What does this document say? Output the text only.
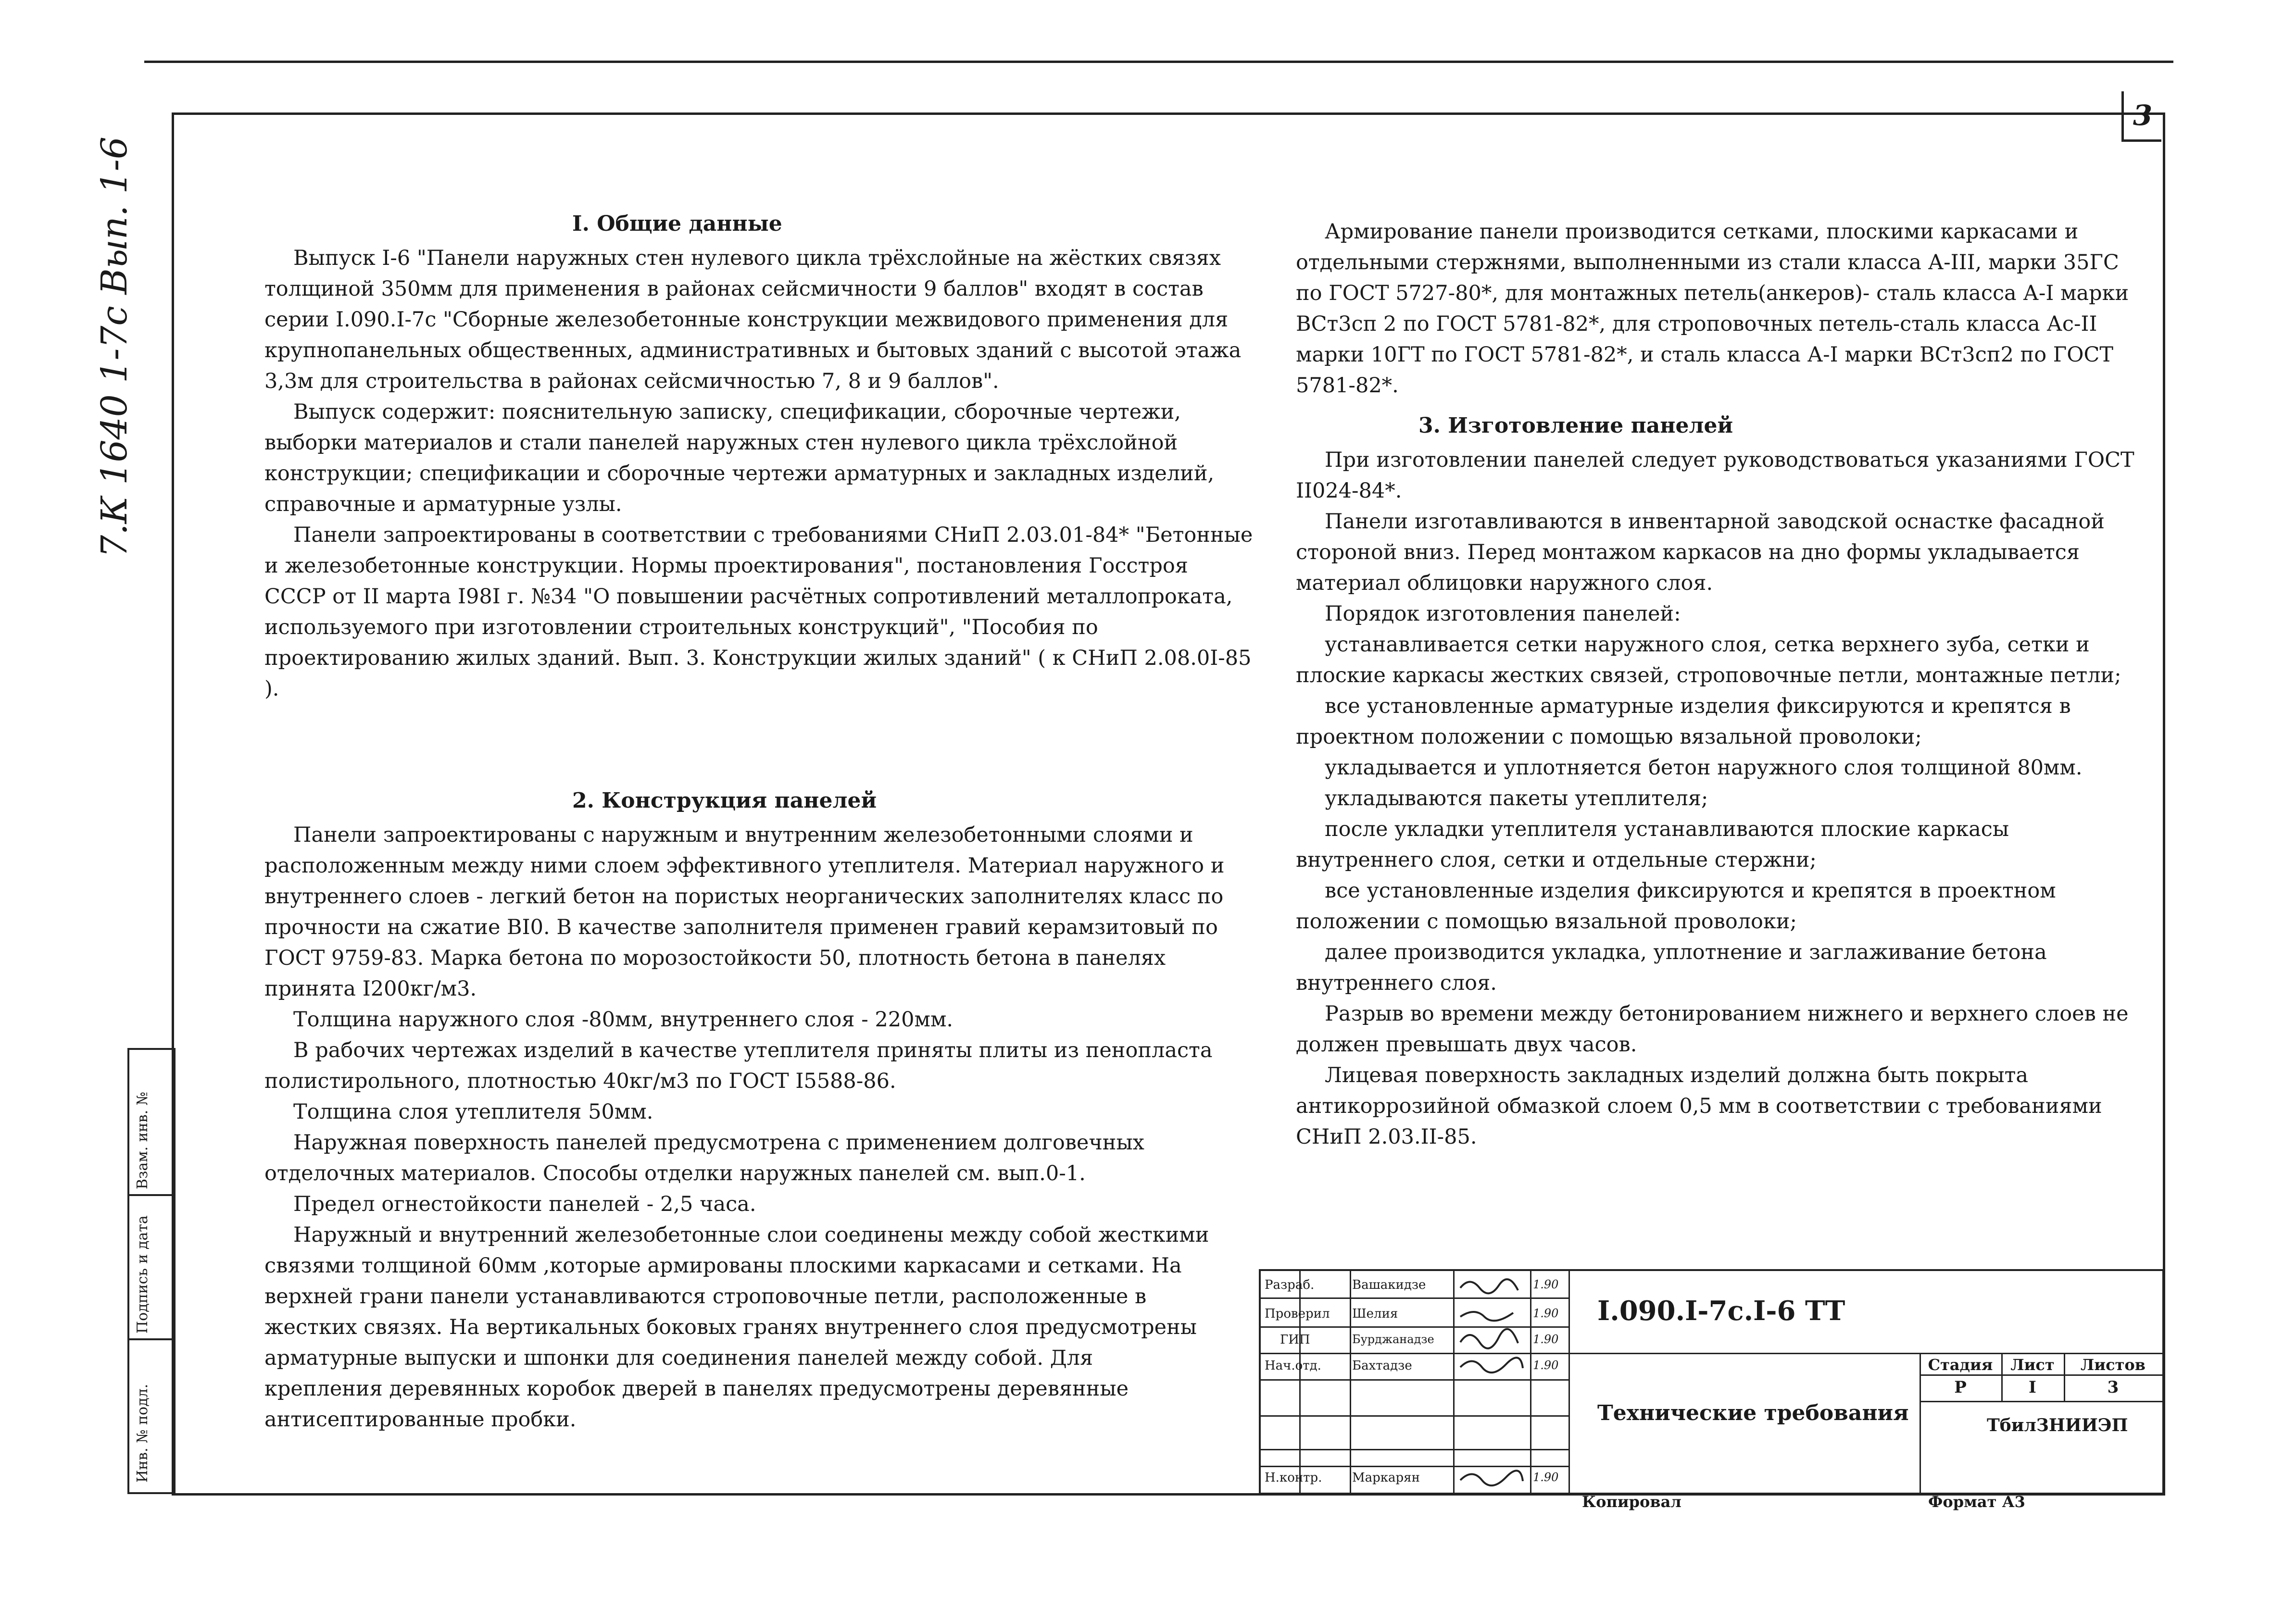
3
7.К 1640 1-7с Вып. 1-6
Инв. № подл.
Подпись и дата
Взам. инв. №
I. Общие данные

Выпуск I-6 "Панели наружных стен нулевого цикла трёхслойные на жёстких связях толщиной 350мм для применения в районах сейсмичности 9 баллов" входят в состав серии I.090.I-7с "Сборные железобетонные конструкции межвидового применения для крупнопанельных общественных, административных и бытовых зданий с высотой этажа 3,3м для строительства в районах сейсмичностью 7, 8 и 9 баллов".

Выпуск содержит: пояснительную записку, спецификации, сборочные чертежи, выборки материалов и стали панелей наружных стен нулевого цикла трёхслойной конструкции; спецификации и сборочные чертежи арматурных и закладных изделий, справочные и арматурные узлы.

Панели запроектированы в соответствии с требованиями СНиП 2.03.01-84* "Бетонные и железобетонные конструкции. Нормы проектирования", постановления Госстроя СССР от II марта I98I г. №34 "О повышении расчётных сопротивлений металлопроката, используемого при изготовлении строительных конструкций", "Пособия по проектированию жилых зданий. Вып. 3. Конструкции жилых зданий" ( к СНиП 2.08.0I-85 ).

2. Конструкция панелей

Панели запроектированы с наружным и внутренним железобетонными слоями и расположенным между ними слоем эффективного утеплителя. Материал наружного и внутреннего слоев - легкий бетон на пористых неорганических заполнителях класс по прочности на сжатие BI0. В качестве заполнителя применен гравий керамзитовый по ГОСТ 9759-83. Марка бетона по морозостойкости 50, плотность бетона в панелях принята I200кг/м3.

Толщина наружного слоя -80мм, внутреннего слоя - 220мм.

В рабочих чертежах изделий в качестве утеплителя приняты плиты из пенопласта полистирольного, плотностью 40кг/м3 по ГОСТ I5588-86.

Толщина слоя утеплителя 50мм.

Наружная поверхность панелей предусмотрена с применением долговечных отделочных материалов. Способы отделки наружных панелей см. вып.0-1.

Предел огнестойкости панелей - 2,5 часа.

Наружный и внутренний железобетонные слои соединены между собой жесткими связями толщиной 60мм ,которые армированы плоскими каркасами и сетками. На верхней грани панели устанавливаются строповочные петли, расположенные в жестких связях. На вертикальных боковых гранях внутреннего слоя предусмотрены арматурные выпуски и шпонки для соединения панелей между собой. Для крепления деревянных коробок дверей в панелях предусмотрены деревянные антисептированные пробки.

Армирование панели производится сетками, плоскими каркасами и отдельными стержнями, выполненными из стали класса А-III, марки 35ГС по ГОСТ 5727-80*, для монтажных петель(анкеров)- сталь класса А-I марки ВСт3сп 2 по ГОСТ 5781-82*, для строповочных петель-сталь класса Ас-II марки 10ГТ по ГОСТ 5781-82*, и сталь класса А-I марки ВСт3сп2 по ГОСТ 5781-82*.

3. Изготовление панелей

При изготовлении панелей следует руководствоваться указаниями ГОСТ II024-84*.

Панели изготавливаются в инвентарной заводской оснастке фасадной стороной вниз. Перед монтажом каркасов на дно формы укладывается материал облицовки наружного слоя.

Порядок изготовления панелей:

устанавливается сетки наружного слоя, сетка верхнего зуба, сетки и плоские каркасы жестких связей, строповочные петли, монтажные петли;

все установленные арматурные изделия фиксируются и крепятся в проектном положении с помощью вязальной проволоки;

укладывается и уплотняется бетон наружного слоя толщиной 80мм.

укладываются пакеты утеплителя;

после укладки утеплителя устанавливаются плоские каркасы внутреннего слоя, сетки и отдельные стержни;

все установленные изделия фиксируются и крепятся в проектном положении с помощью вязальной проволоки;

далее производится укладка, уплотнение и заглаживание бетона внутреннего слоя.

Разрыв во времени между бетонированием нижнего и верхнего слоев не должен превышать двух часов.

Лицевая поверхность закладных изделий должна быть покрыта антикоррозийной обмазкой слоем 0,5 мм в соответствии с требованиями СНиП 2.03.II-85.

Разраб.	Вашакидзе	1.90
Проверил Шелия	1.90
ГИП	Бурджанадзе	1.90
Нач.отд. Бахтадзе	1.90
Н.контр. Маркарян	1.90
I.090.I-7с.I-6 ТТ
Технические требования
Стадия	Лист	Листов
Р	I	3
ТбилЗНИИЭП
Копировал	Формат А3
